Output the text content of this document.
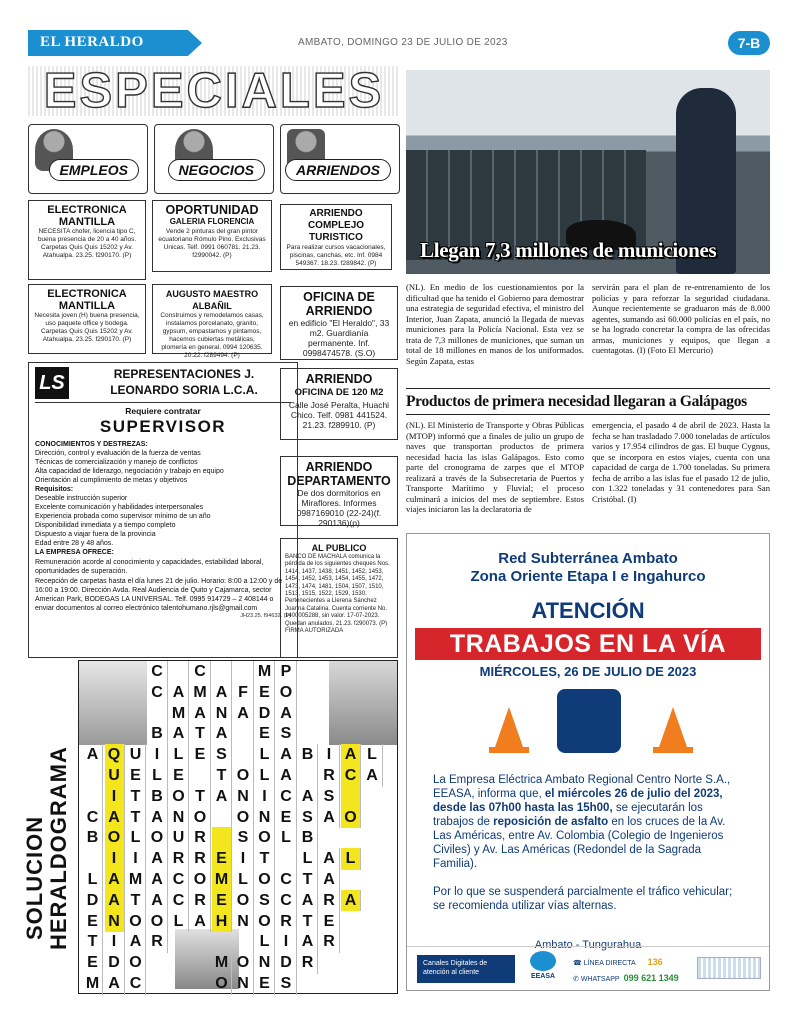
EL HERALDO	AMBATO, DOMINGO 23 DE JULIO DE 2023	7-B
ESPECIALES
EMPLEOS	NEGOCIOS	ARRIENDOS
ELECTRONICA MANTILLA

NECESITA chofer, licencia tipo C, buena presencia de 20 a 40 años. Carpetas Quis Quis 15202 y Av. Atahualpa. 23.25. f290170. (P)

OPORTUNIDAD
GALERIA FLORENCIA

Vende 2 pinturas del gran pintor ecuatoriano Rómulo Pino. Exclusivas Unicas. Telf. 0991 060781. 21.23. f2990042. (P)

ARRIENDO COMPLEJO TURISTICO

Para realizar cursos vacacionales, piscinas, canchas, etc. Inf. 0984 549367. 18.23. f289842. (P)

ELECTRONICA MANTILLA

Necesita joven (H) buena presencia, uso paquete office y bodega. Carpetas Quis Quis 15202 y Av. Atahualpa. 23.25. f290170. (P)

AUGUSTO MAESTRO ALBAÑIL

Construimos y remodelamos casas, instalamos porcelanato, granito, gypsum, empastamos y pintamos, hacemos cubiertas metálicas, plomería en general. 0994 120635. 20.22. f289494. (P)

OFICINA DE ARRIENDO

en edificio "El Heraldo", 33 m2. Guardianía permanente. Inf. 0998474578. (S.O)

ARRIENDO
OFICINA DE 120 M2

Calle José Peralta, Huachi Chico. Telf. 0981 441524. 21.23. f289910. (P)

ARRIENDO DEPARTAMENTO

De dos dormitorios en Miraflores. Informes 0987169010 (22-24)(f. 290136)(p)

AL PUBLICO

BANCO DE MACHALA comunica la pérdida de los siguientes cheques Nos. 1414, 1437, 1438, 1451, 1452, 1453, 1454, 1452, 1453, 1454, 1455, 1472, 1473, 1474, 1481, 1504, 1507, 1510, 1513, 1515, 1522, 1529, 1530. Pertenecientes a Llerena Sánchez Joanna Catalina. Cuenta corriente No. 1400005288, sin valor. 17-07-2023. Quedan anulados. 21.23. f290073. (P) FIRMA AUTORIZADA

LS	REPRESENTACIONES J. LEONARDO SORIA L.C.A.
Requiere contratar
SUPERVISOR
CONOCIMIENTOS Y DESTREZAS:
Dirección, control y evaluación de la fuerza de ventas
Técnicas de comercialización y manejo de conflictos
Alta capacidad de liderazgo, negociación y trabajo en equipo
Orientación al cumplimiento de metas y objetivos
Requisitos:
Deseable instrucción superior
Excelente comunicación y habilidades interpersonales
Experiencia probada como supervisor mínimo de un año
Disponibilidad inmediata y a tiempo completo
Dispuesto a viajar fuera de la provincia
Edad entre 28 y 48 años.
LA EMPRESA OFRECE:
Remuneración acorde al conocimiento y capacidades, estabilidad laboral, oportunidades de superación.
Recepción de carpetas hasta el día lunes 21 de julio. Horario: 8:00 a 12:00 y de 16:00 a 19:00. Dirección Avda. Real Audiencia de Quito y Cajamarca, sector American Park, BODEGAS LA UNIVERSAL. Telf. 0995 914729 – 2 408144 o enviar documentos al correo electrónico talentohumano.rjls@gmail.com
JH23.25. f94632. (P)
Llegan 7,3 millones de municiones
(NL). En medio de los cuestionamientos por la dificultad que ha tenido el Gobierno para demostrar una estrategia de seguridad efectiva, el ministro del Interior, Juan Zapata, anunció la llegada de nuevas municiones para la Policía Nacional. Esta vez se trata de 7,3 millones de municiones, que suman un total de 18 millones en manos de los uniformados. Según Zapata, estas
servirán para el plan de re-entrenamiento de los policías y para reforzar la seguridad ciudadana. Aunque recientemente se graduaron más de 8.000 agentes, sumando así 60.000 policías en el país, no se ha logrado concretar la compra de las ofrecidas armas, municiones y equipos, que llegan a cuentagotas. (I) (Foto El Mercurio)
Productos de primera necesidad llegaran a Galápagos
(NL). El Ministerio de Transporte y Obras Públicas (MTOP) informó que a finales de julio un grupo de naves que transportan productos de primera necesidad hacia las islas Galápagos. Esto como parte del cronograma de zarpes que el MTOP realizará a través de la Subsecretaría de Puertos y Transporte Marítimo y Fluvial; el proceso culminará a inicios del mes de septiembre. Estos viajes iniciaron las la declaratoria de
emergencia, el pasado 4 de abril de 2023. Hasta la fecha se han trasladado 7.000 toneladas de artículos varios y 17.954 cilindros de gas. El buque Cygnus, que se incorpora en estos viajes, cuenta con una capacidad de carga de 1.700 toneladas. Su primera fecha de arribo a las islas fue el pasado 12 de julio, con 1.322 toneladas y 31 contenedores para San Cristóbal. (I)
Red Subterránea Ambato
Zona Oriente Etapa I e Ingahurco
ATENCIÓN
TRABAJOS EN LA VÍA
MIÉRCOLES, 26 DE JULIO DE 2023
La Empresa Eléctrica Ambato Regional Centro Norte S.A., EEASA, informa que, el miércoles 26 de julio del 2023, desde las 07h00 hasta las 15h00, se ejecutarán los trabajos de reposición de asfalto en los cruces de la Av. Las Américas, entre Av. Colombia (Colegio de Ingenieros Civiles) y Av. Las Américas (Redondel de la Sagrada Familia).
Por lo que se suspenderá parcialmente el tráfico vehicular; se recomienda utilizar vías alternas.
Ambato - Tungurahua
Canales Digitales de atención al cliente
EEASA
☎ LÍNEA DIRECTA 136
✆ WHATSAPP 099 621 1349
SOLUCION HERALDOGRAMA
C C	M P
C A M A F E O
M A N A D A
B A T A E S
A Q U I L E S	L A B I A L
U E L E	T O L A R C A
I T B O T A N I C A S
C A T A N O O N E S A O
B O L O U R S O L B
I	I A R R E I T	L A L
L A M A C O M L O C T A
D A T A C R E O S C A R A
E N O O L A H N O R T E
T I A R	L I A R
E D O	M O N D R
M A C	O N E S
